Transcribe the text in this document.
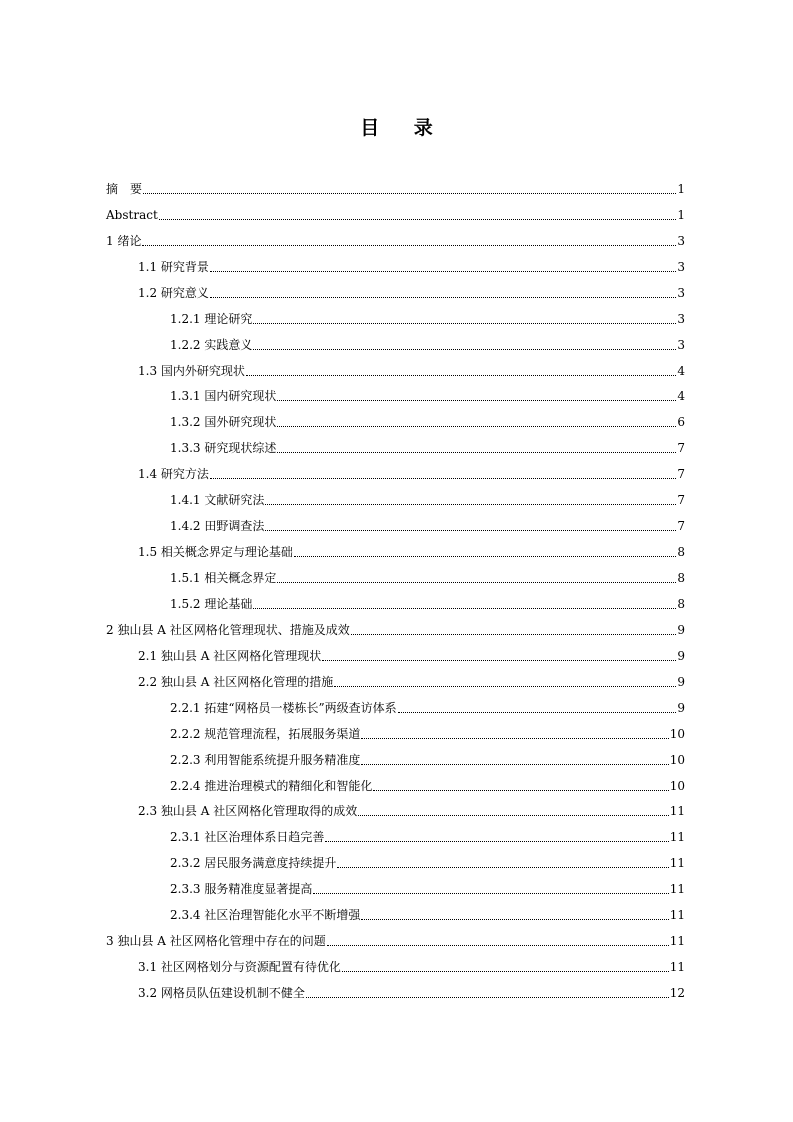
目 录
摘　要	1
Abstract	1
1 绪论	3
1.1 研究背景	3
1.2 研究意义	3
1.2.1 理论研究	3
1.2.2 实践意义	3
1.3 国内外研究现状	4
1.3.1 国内研究现状	4
1.3.2 国外研究现状	6
1.3.3 研究现状综述	7
1.4 研究方法	7
1.4.1 文献研究法	7
1.4.2 田野调查法	7
1.5 相关概念界定与理论基础	8
1.5.1 相关概念界定	8
1.5.2 理论基础	8
2 独山县 A 社区网格化管理现状、措施及成效	9
2.1 独山县 A 社区网格化管理现状	9
2.2 独山县 A 社区网格化管理的措施	9
2.2.1 拓建“网格员一楼栋长”两级查访体系	9
2.2.2 规范管理流程，拓展服务渠道	10
2.2.3 利用智能系统提升服务精准度	10
2.2.4 推进治理模式的精细化和智能化	10
2.3 独山县 A 社区网格化管理取得的成效	11
2.3.1 社区治理体系日趋完善	11
2.3.2 居民服务满意度持续提升	11
2.3.3 服务精准度显著提高	11
2.3.4 社区治理智能化水平不断增强	11
3 独山县 A 社区网格化管理中存在的问题	11
3.1 社区网格划分与资源配置有待优化	11
3.2 网格员队伍建设机制不健全	12
